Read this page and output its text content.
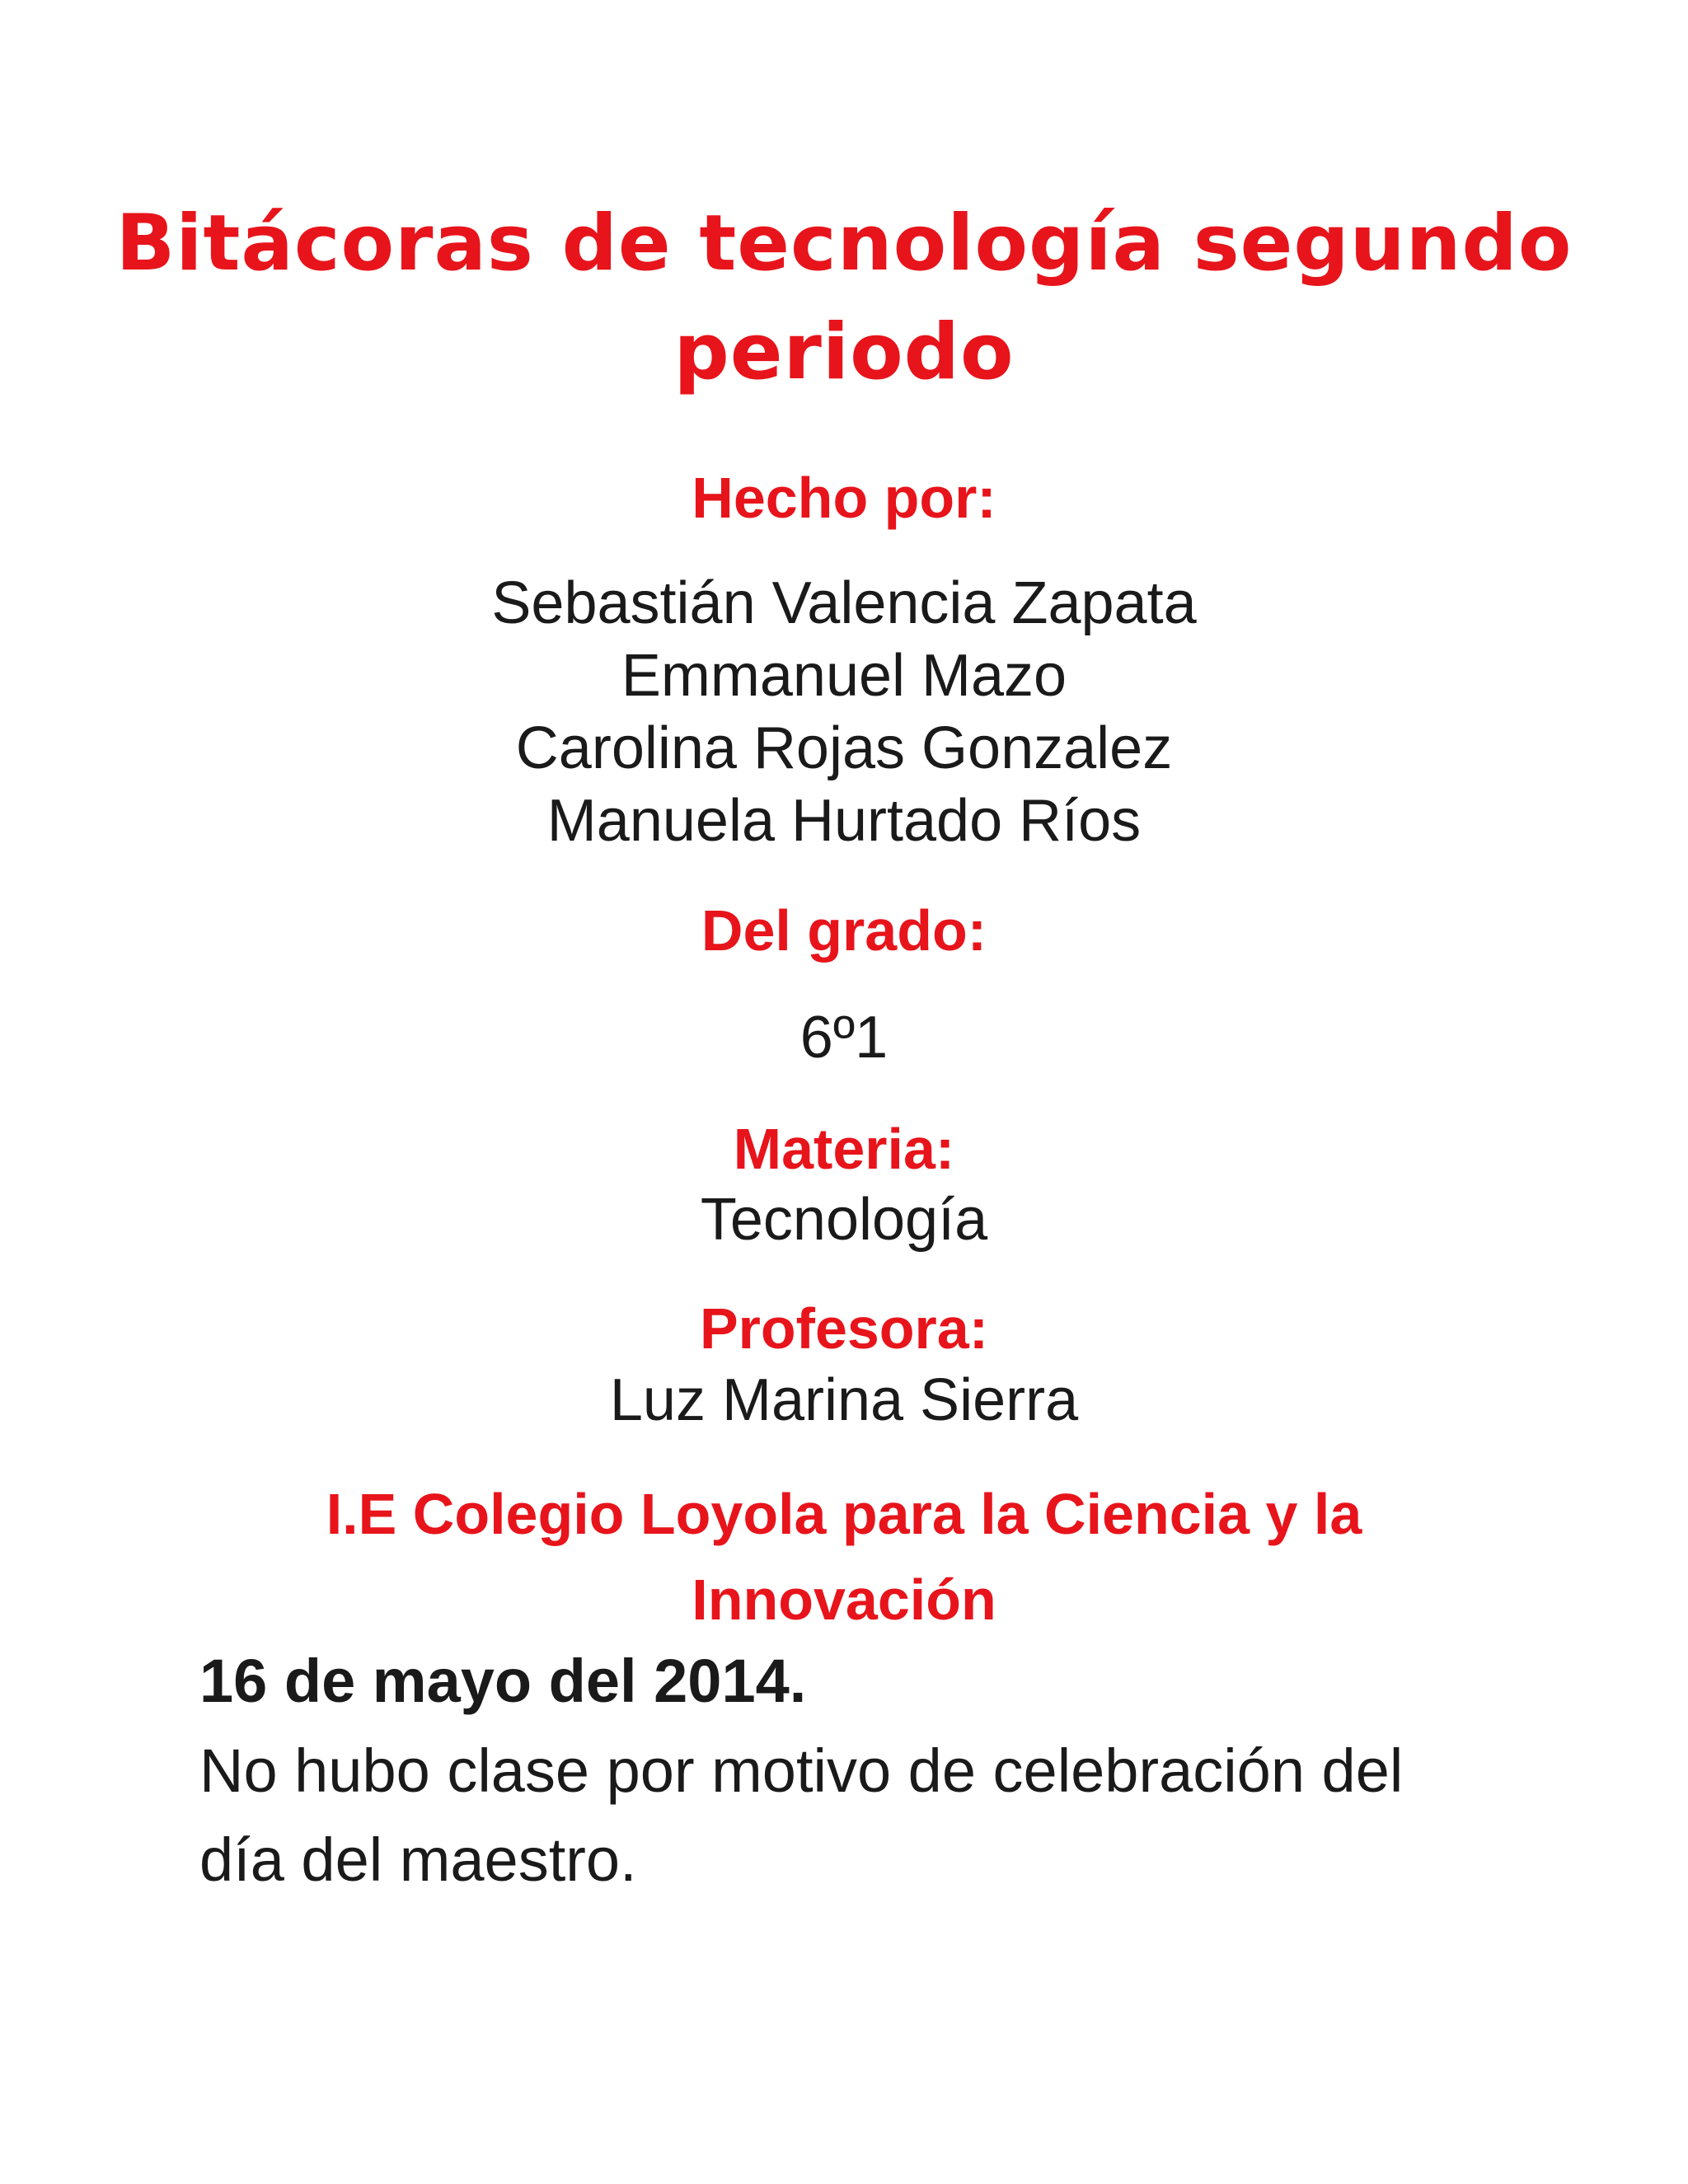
Bitácoras de tecnología segundo
periodo
Hecho por:
Sebastián Valencia Zapata
Emmanuel Mazo
Carolina Rojas Gonzalez
Manuela Hurtado Ríos
Del grado:
6º1
Materia:
Tecnología
Profesora:
Luz Marina Sierra
I.E Colegio Loyola para la Ciencia y la
Innovación
16 de mayo del 2014.
No hubo clase por motivo de celebración del día del maestro.
